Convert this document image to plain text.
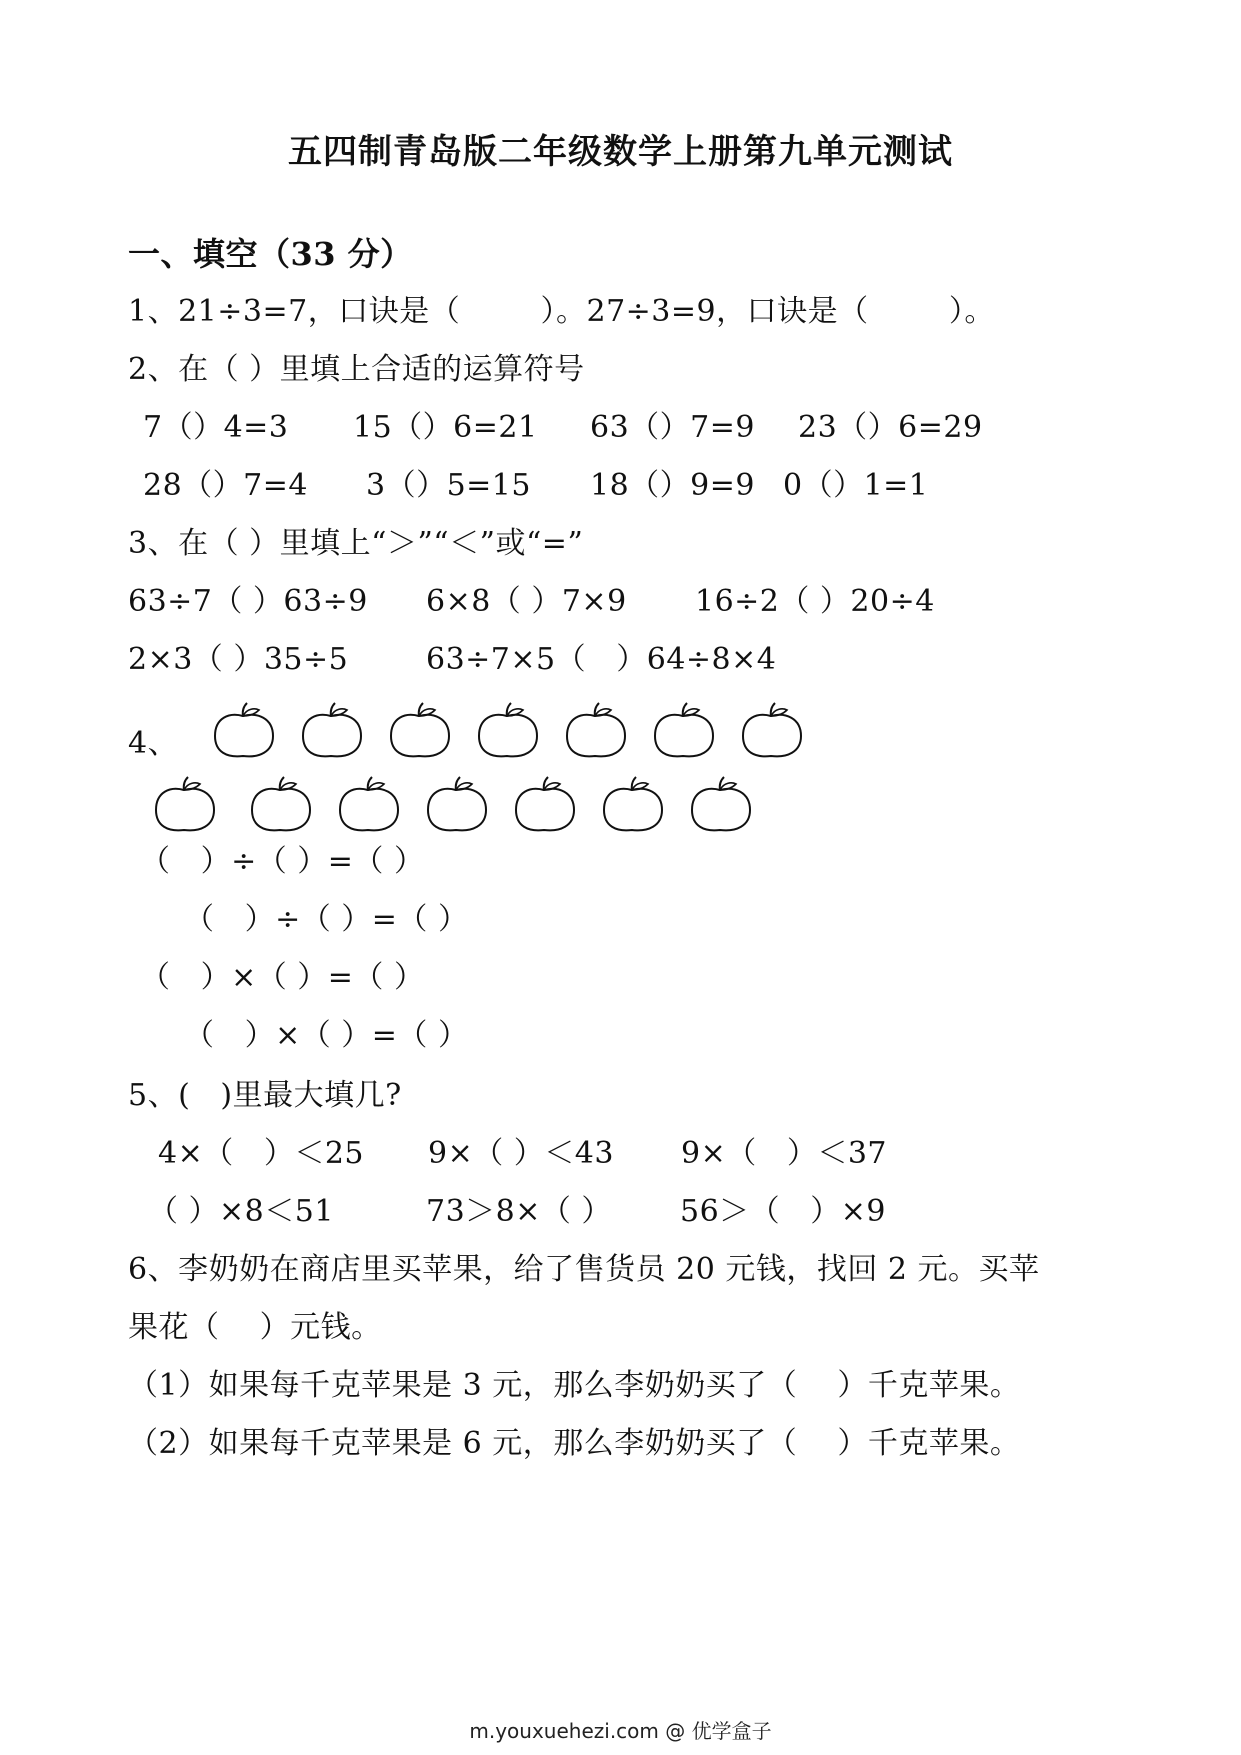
五四制青岛版二年级数学上册第九单元测试
一、填空（33 分）
1、21÷3=7，口诀是（        ）。27÷3=9，口诀是（        ）。
2、在（ ）里填上合适的运算符号
7（）4=3 15（）6=21 63（）7=9 23（）6=29
28（）7=4 3（）5=15 18（）9=9 0（）1=1
3、在（ ）里填上“＞”“＜”或“=”
63÷7（ ）63÷9 6×8（ ）7×9 16÷2（ ）20÷4
2×3（ ）35÷5	63÷7×5（   ）64÷8×4
4、
（   ）÷（ ）=（ ）
（   ）÷（ ）=（ ）
（   ）×（ ）=（ ）
（   ）×（ ）=（ ）
5、(   )里最大填几?
4×（   ）＜25 9×（ ）＜43 9×（   ）＜37
（ ）×8＜51	73＞8×（ ） 56＞（   ）×9
6、李奶奶在商店里买苹果，给了售货员 20 元钱，找回 2 元。买苹
果花（    ）元钱。
（1）如果每千克苹果是 3 元，那么李奶奶买了（    ）千克苹果。
（2）如果每千克苹果是 6 元，那么李奶奶买了（    ）千克苹果。
m.youxuehezi.com @ 优学盒子
